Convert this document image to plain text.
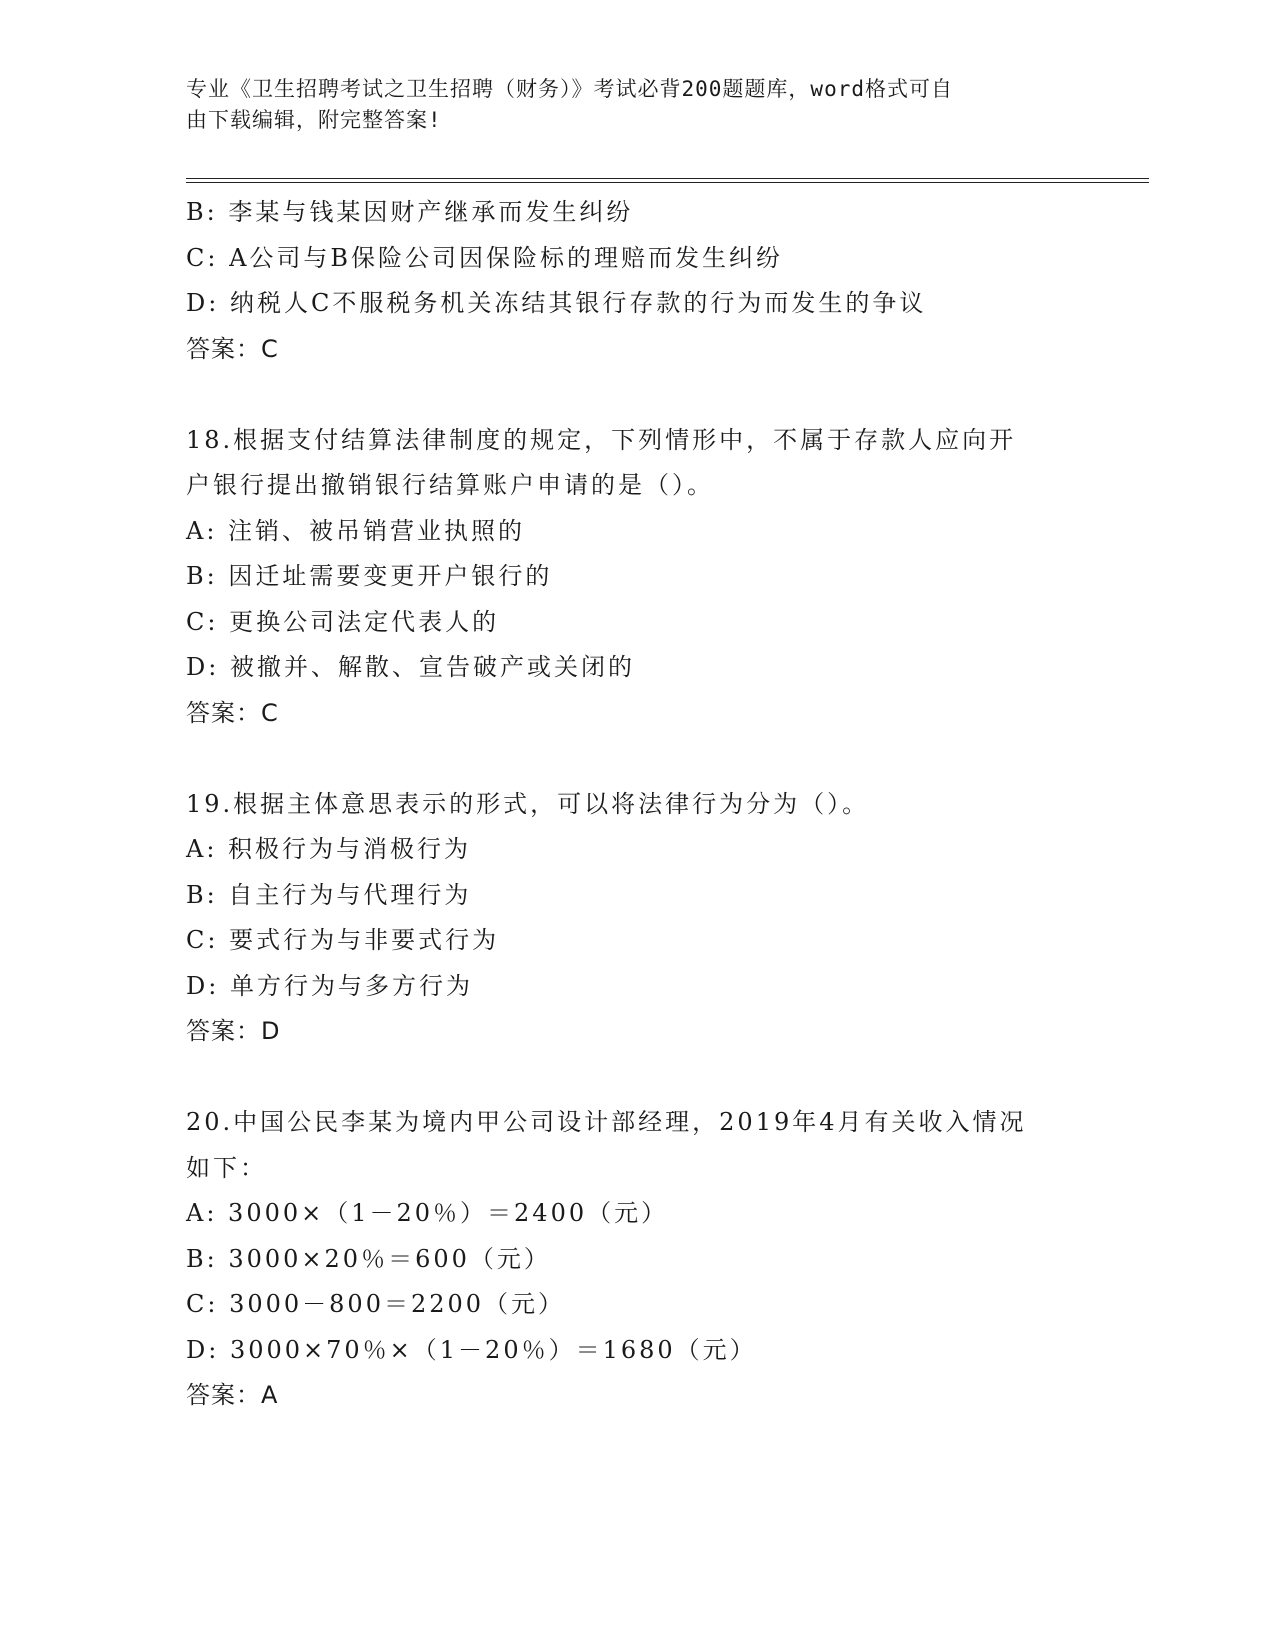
专业《卫生招聘考试之卫生招聘（财务）》考试必背200题题库，word格式可自
由下载编辑，附完整答案!
B: 李某与钱某因财产继承而发生纠纷
C: A公司与B保险公司因保险标的理赔而发生纠纷
D: 纳税人C不服税务机关冻结其银行存款的行为而发生的争议
答案：C
18.根据支付结算法律制度的规定，下列情形中，不属于存款人应向开
户银行提出撤销银行结算账户申请的是（）。
A: 注销、被吊销营业执照的
B: 因迁址需要变更开户银行的
C: 更换公司法定代表人的
D: 被撤并、解散、宣告破产或关闭的
答案：C
19.根据主体意思表示的形式，可以将法律行为分为（）。
A: 积极行为与消极行为
B: 自主行为与代理行为
C: 要式行为与非要式行为
D: 单方行为与多方行为
答案：D
20.中国公民李某为境内甲公司设计部经理，2019年4月有关收入情况
如下：
A: 3000×（1－20％）＝2400（元）
B: 3000×20％＝600（元）
C: 3000－800＝2200（元）
D: 3000×70％×（1－20％）＝1680（元）
答案：A
